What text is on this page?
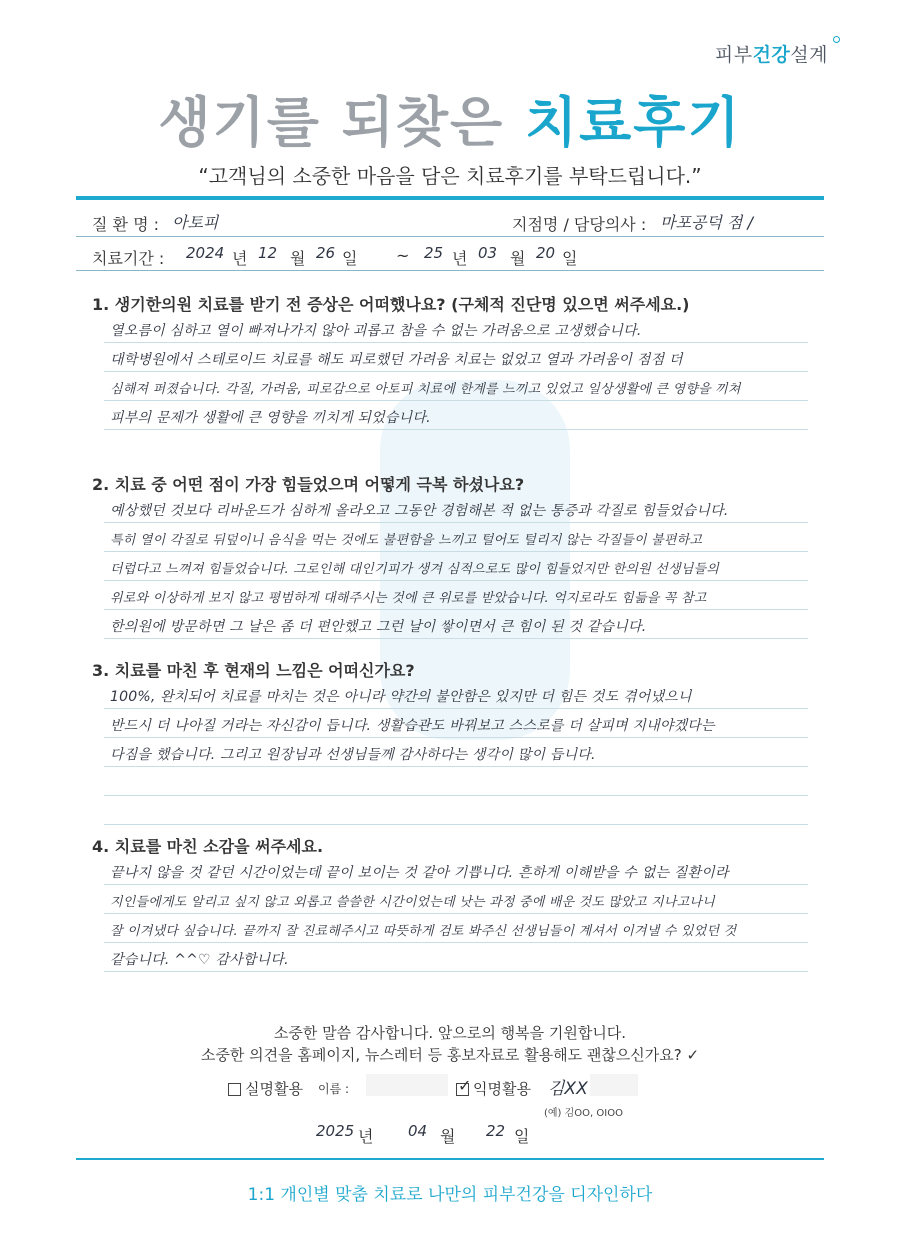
피부건강설계
생기를 되찾은 치료후기
“고객님의 소중한 마음을 담은 치료후기를 부탁드립니다.”
질 환 명 : 아토피	지점명 / 담당의사 : 마포공덕 점 /
치료기간 : 2024 년 12 월 26 일 ~ 25 년 03 월 20 일
1. 생기한의원 치료를 받기 전 증상은 어떠했나요? (구체적 진단명 있으면 써주세요.)
열오름이 심하고 열이 빠져나가지 않아 괴롭고 참을 수 없는 가려움으로 고생했습니다.
대학병원에서 스테로이드 치료를 해도 피로했던 가려움 치료는 없었고 열과 가려움이 점점 더
심해져 퍼졌습니다. 각질, 가려움, 피로감으로 아토피 치료에 한계를 느끼고 있었고 일상생활에 큰 영향을 끼쳐
피부의 문제가 생활에 큰 영향을 끼치게 되었습니다.
2. 치료 중 어떤 점이 가장 힘들었으며 어떻게 극복 하셨나요?
예상했던 것보다 리바운드가 심하게 올라오고 그동안 경험해본 적 없는 통증과 각질로 힘들었습니다.
특히 열이 각질로 뒤덮이니 음식을 먹는 것에도 불편함을 느끼고 털어도 털리지 않는 각질들이 불편하고
더럽다고 느껴져 힘들었습니다. 그로인해 대인기피가 생겨 심적으로도 많이 힘들었지만 한의원 선생님들의
위로와 이상하게 보지 않고 평범하게 대해주시는 것에 큰 위로를 받았습니다. 억지로라도 힘듦을 꼭 참고
한의원에 방문하면 그 날은 좀 더 편안했고 그런 날이 쌓이면서 큰 힘이 된 것 같습니다.
3. 치료를 마친 후 현재의 느낌은 어떠신가요?
100%, 완치되어 치료를 마치는 것은 아니라 약간의 불안함은 있지만 더 힘든 것도 겪어냈으니
반드시 더 나아질 거라는 자신감이 듭니다. 생활습관도 바꿔보고 스스로를 더 살피며 지내야겠다는
다짐을 했습니다. 그리고 원장님과 선생님들께 감사하다는 생각이 많이 듭니다.
4. 치료를 마친 소감을 써주세요.
끝나지 않을 것 같던 시간이었는데 끝이 보이는 것 같아 기쁩니다. 흔하게 이해받을 수 없는 질환이라
지인들에게도 알리고 싶지 않고 외롭고 쓸쓸한 시간이었는데 낫는 과정 중에 배운 것도 많았고 지나고나니
잘 이겨냈다 싶습니다. 끝까지 잘 진료해주시고 따뜻하게 검토 봐주신 선생님들이 계셔서 이겨낼 수 있었던 것
같습니다. ^^♡ 감사합니다.
소중한 말씀 감사합니다. 앞으로의 행복을 기원합니다.
소중한 의견을 홈페이지, 뉴스레터 등 홍보자료로 활용해도 괜찮으신가요? ✓
실명활용 이름 :	✓ 익명활용 김XX
(예) 김OO, OIOO
2025 년 04 월 22 일
1:1 개인별 맞춤 치료로 나만의 피부건강을 디자인하다
